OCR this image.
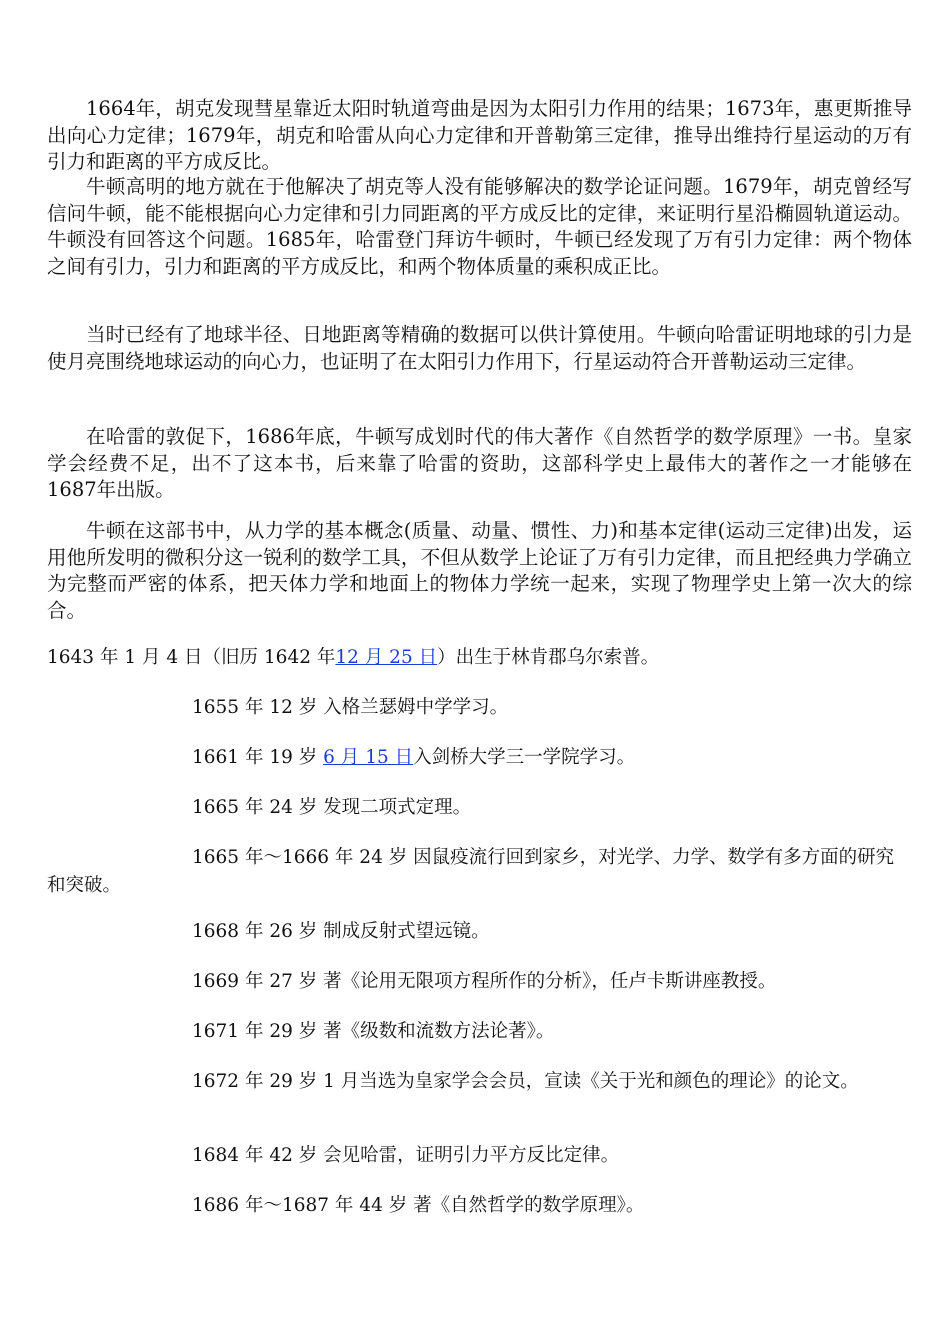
1664年，胡克发现彗星靠近太阳时轨道弯曲是因为太阳引力作用的结果；1673年，惠更斯推导出向心力定律；1679年，胡克和哈雷从向心力定律和开普勒第三定律，推导出维持行星运动的万有引力和距离的平方成反比。

牛顿高明的地方就在于他解决了胡克等人没有能够解决的数学论证问题。1679年，胡克曾经写信问牛顿，能不能根据向心力定律和引力同距离的平方成反比的定律，来证明行星沿椭圆轨道运动。牛顿没有回答这个问题。1685年，哈雷登门拜访牛顿时，牛顿已经发现了万有引力定律：两个物体之间有引力，引力和距离的平方成反比，和两个物体质量的乘积成正比。

当时已经有了地球半径、日地距离等精确的数据可以供计算使用。牛顿向哈雷证明地球的引力是使月亮围绕地球运动的向心力，也证明了在太阳引力作用下，行星运动符合开普勒运动三定律。

在哈雷的敦促下，1686年底，牛顿写成划时代的伟大著作《自然哲学的数学原理》一书。皇家学会经费不足，出不了这本书，后来靠了哈雷的资助，这部科学史上最伟大的著作之一才能够在1687年出版。

牛顿在这部书中，从力学的基本概念(质量、动量、惯性、力)和基本定律(运动三定律)出发，运用他所发明的微积分这一锐利的数学工具，不但从数学上论证了万有引力定律，而且把经典力学确立为完整而严密的体系，把天体力学和地面上的物体力学统一起来，实现了物理学史上第一次大的综合。

1643 年 1 月 4 日（旧历 1642 年12 月 25 日）出生于林肯郡乌尔索普。

1655 年 12 岁 入格兰瑟姆中学学习。

1661 年 19 岁 6 月 15 日入剑桥大学三一学院学习。

1665 年 24 岁 发现二项式定理。

1665 年～1666 年 24 岁 因鼠疫流行回到家乡，对光学、力学、数学有多方面的研究和突破。

1668 年 26 岁 制成反射式望远镜。

1669 年 27 岁 著《论用无限项方程所作的分析》，任卢卡斯讲座教授。

1671 年 29 岁 著《级数和流数方法论著》。

1672 年 29 岁 1 月当选为皇家学会会员，宣读《关于光和颜色的理论》的论文。

1684 年 42 岁 会见哈雷，证明引力平方反比定律。

1686 年～1687 年 44 岁 著《自然哲学的数学原理》。
